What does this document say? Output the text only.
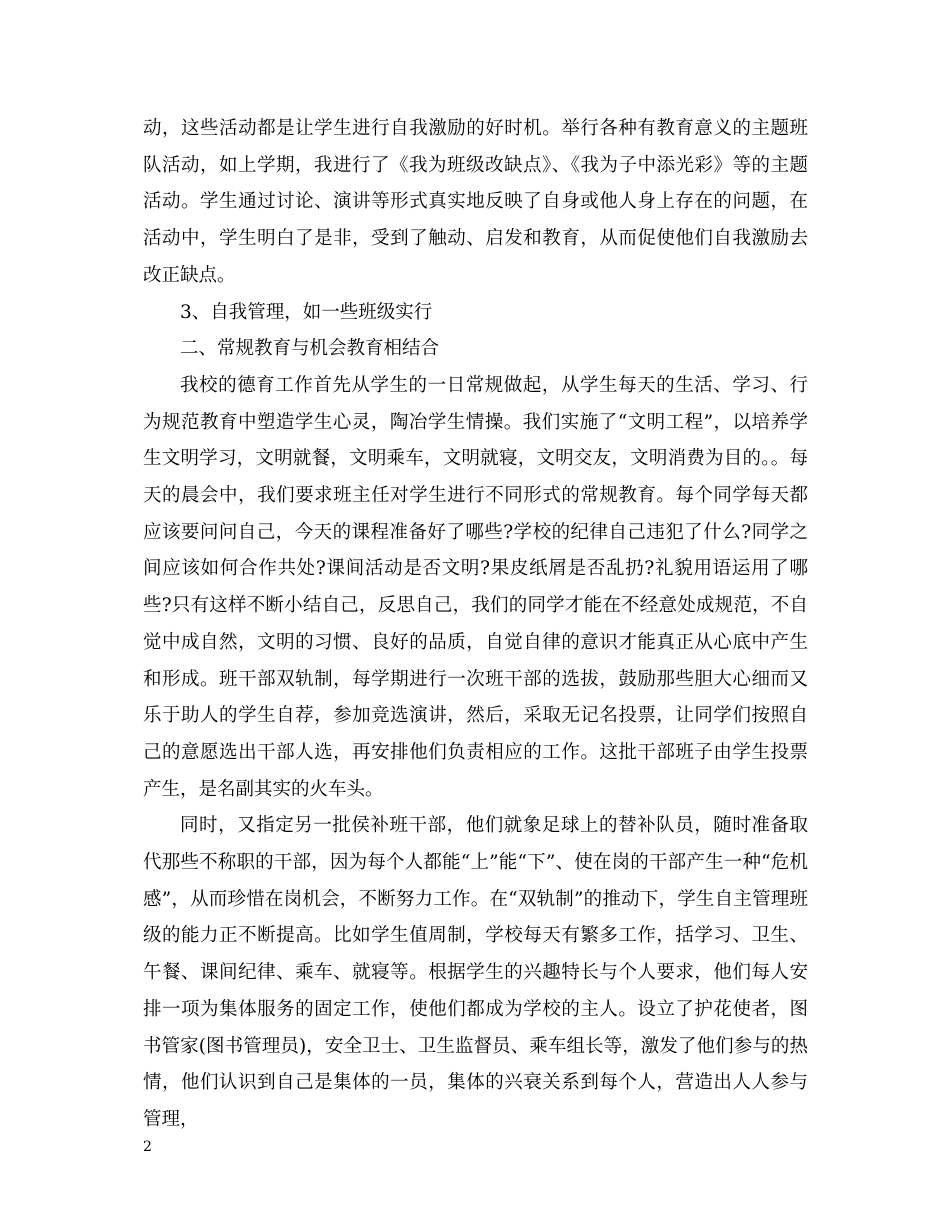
动，这些活动都是让学生进行自我激励的好时机。举行各种有教育意义的主题班队活动，如上学期，我进行了《我为班级改缺点》、《我为子中添光彩》等的主题活动。学生通过讨论、演讲等形式真实地反映了自身或他人身上存在的问题，在活动中，学生明白了是非，受到了触动、启发和教育，从而促使他们自我激励去改正缺点。

3、自我管理，如一些班级实行

二、常规教育与机会教育相结合

我校的德育工作首先从学生的一日常规做起，从学生每天的生活、学习、行为规范教育中塑造学生心灵，陶冶学生情操。我们实施了“文明工程”，以培养学生文明学习，文明就餐，文明乘车，文明就寝，文明交友，文明消费为目的。。每天的晨会中，我们要求班主任对学生进行不同形式的常规教育。每个同学每天都应该要问问自己，今天的课程准备好了哪些?学校的纪律自己违犯了什么?同学之间应该如何合作共处?课间活动是否文明?果皮纸屑是否乱扔?礼貌用语运用了哪些?只有这样不断小结自己，反思自己，我们的同学才能在不经意处成规范，不自觉中成自然，文明的习惯、良好的品质，自觉自律的意识才能真正从心底中产生和形成。班干部双轨制，每学期进行一次班干部的选拔，鼓励那些胆大心细而又乐于助人的学生自荐，参加竞选演讲，然后，采取无记名投票，让同学们按照自己的意愿选出干部人选，再安排他们负责相应的工作。这批干部班子由学生投票产生，是名副其实的火车头。

同时，又指定另一批侯补班干部，他们就象足球上的替补队员，随时准备取代那些不称职的干部，因为每个人都能“上”能“下”、使在岗的干部产生一种“危机感”，从而珍惜在岗机会，不断努力工作。在“双轨制”的推动下，学生自主管理班级的能力正不断提高。比如学生值周制，学校每天有繁多工作，括学习、卫生、午餐、课间纪律、乘车、就寝等。根据学生的兴趣特长与个人要求，他们每人安排一项为集体服务的固定工作，使他们都成为学校的主人。设立了护花使者，图书管家(图书管理员)，安全卫士、卫生监督员、乘车组长等，激发了他们参与的热情，他们认识到自己是集体的一员，集体的兴衰关系到每个人，营造出人人参与管理，

2
